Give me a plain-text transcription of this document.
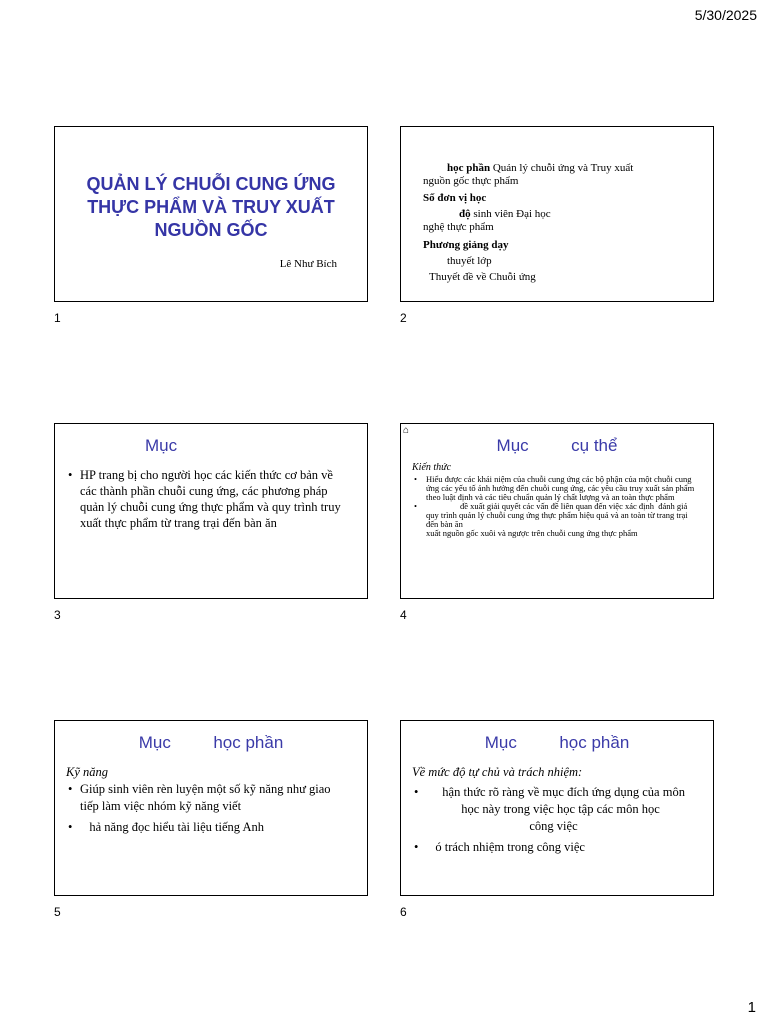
5/30/2025
QUẢN LÝ CHUỖI CUNG ỨNG
THỰC PHẨM VÀ TRUY XUẤT
NGUỒN GỐC
Lê Như Bích
1
học phần Quản lý chuỗi ứng và Truy xuất
nguồn gốc thực phẩm
Số đơn vị học
độ sinh viên Đại học
nghệ thực phẩm
Phương giảng dạy
thuyết lớp
Thuyết đề về Chuỗi ứng
2
Mục
• HP trang bị cho người học các kiến thức cơ bản về các thành phần chuỗi cung ứng, các phương pháp quản lý chuỗi cung ứng thực phẩm và quy trình truy xuất thực phẩm từ trang trại đến bàn ăn
3
⌂
Mục         cụ thể
Kiến thức
• Hiểu được các khái niệm của chuỗi cung ứng các bộ phận của một chuỗi cung ứng các yếu tố ảnh hưởng đến chuỗi cung ứng, các yêu cầu truy xuất sản phẩm theo luật định và các tiêu chuẩn quản lý chất lượng và an toàn thực phẩm
•                 đề xuất giải quyết các vấn đề liên quan đến việc xác định  đánh giá quy trình quản lý chuỗi cung ứng thực phẩm hiệu quả và an toàn từ trang trại đến bàn ăn
xuất nguồn gốc xuôi và ngược trên chuỗi cung ứng thực phẩm
4
Mục         học phần
Kỹ năng
• Giúp sinh viên rèn luyện một số kỹ năng như giao tiếp làm việc nhóm kỹ năng viết
•    hả năng đọc hiểu tài liệu tiếng Anh
5
Mục         học phần
Về mức độ tự chủ và trách nhiệm:
•   hận thức rõ ràng về mục đích ứng dụng của môn học này trong việc học tập các môn học
công việc
•    ó trách nhiệm trong công việc
6
1
